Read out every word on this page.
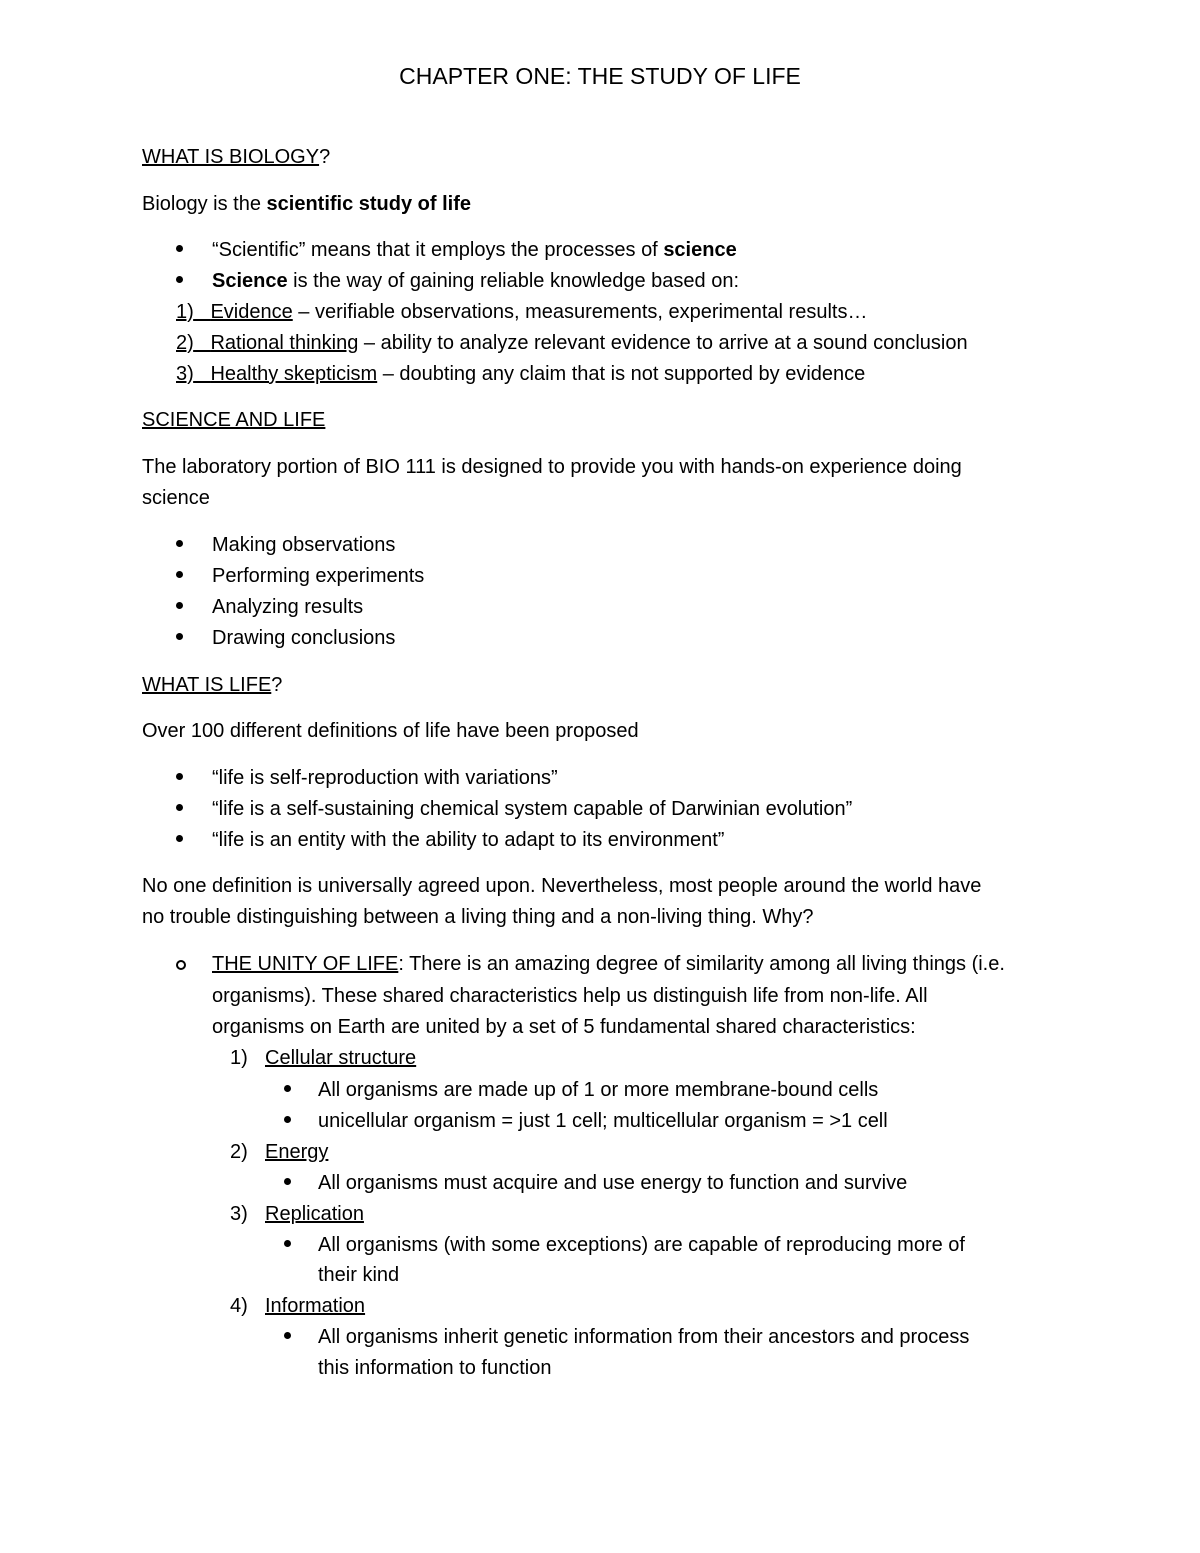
CHAPTER ONE: THE STUDY OF LIFE
WHAT IS BIOLOGY?
Biology is the scientific study of life
“Scientific” means that it employs the processes of science
Science is the way of gaining reliable knowledge based on:
1) Evidence – verifiable observations, measurements, experimental results…
2) Rational thinking – ability to analyze relevant evidence to arrive at a sound conclusion
3) Healthy skepticism – doubting any claim that is not supported by evidence
SCIENCE AND LIFE
The laboratory portion of BIO 111 is designed to provide you with hands-on experience doing
science
Making observations
Performing experiments
Analyzing results
Drawing conclusions
WHAT IS LIFE?
Over 100 different definitions of life have been proposed
“life is self-reproduction with variations”
“life is a self-sustaining chemical system capable of Darwinian evolution”
“life is an entity with the ability to adapt to its environment”
No one definition is universally agreed upon. Nevertheless, most people around the world have
no trouble distinguishing between a living thing and a non-living thing. Why?
THE UNITY OF LIFE: There is an amazing degree of similarity among all living things (i.e.
organisms). These shared characteristics help us distinguish life from non-life. All
organisms on Earth are united by a set of 5 fundamental shared characteristics:
1) Cellular structure
All organisms are made up of 1 or more membrane-bound cells
unicellular organism = just 1 cell; multicellular organism = >1 cell
2) Energy
All organisms must acquire and use energy to function and survive
3) Replication
All organisms (with some exceptions) are capable of reproducing more of
their kind
4) Information
All organisms inherit genetic information from their ancestors and process
this information to function
